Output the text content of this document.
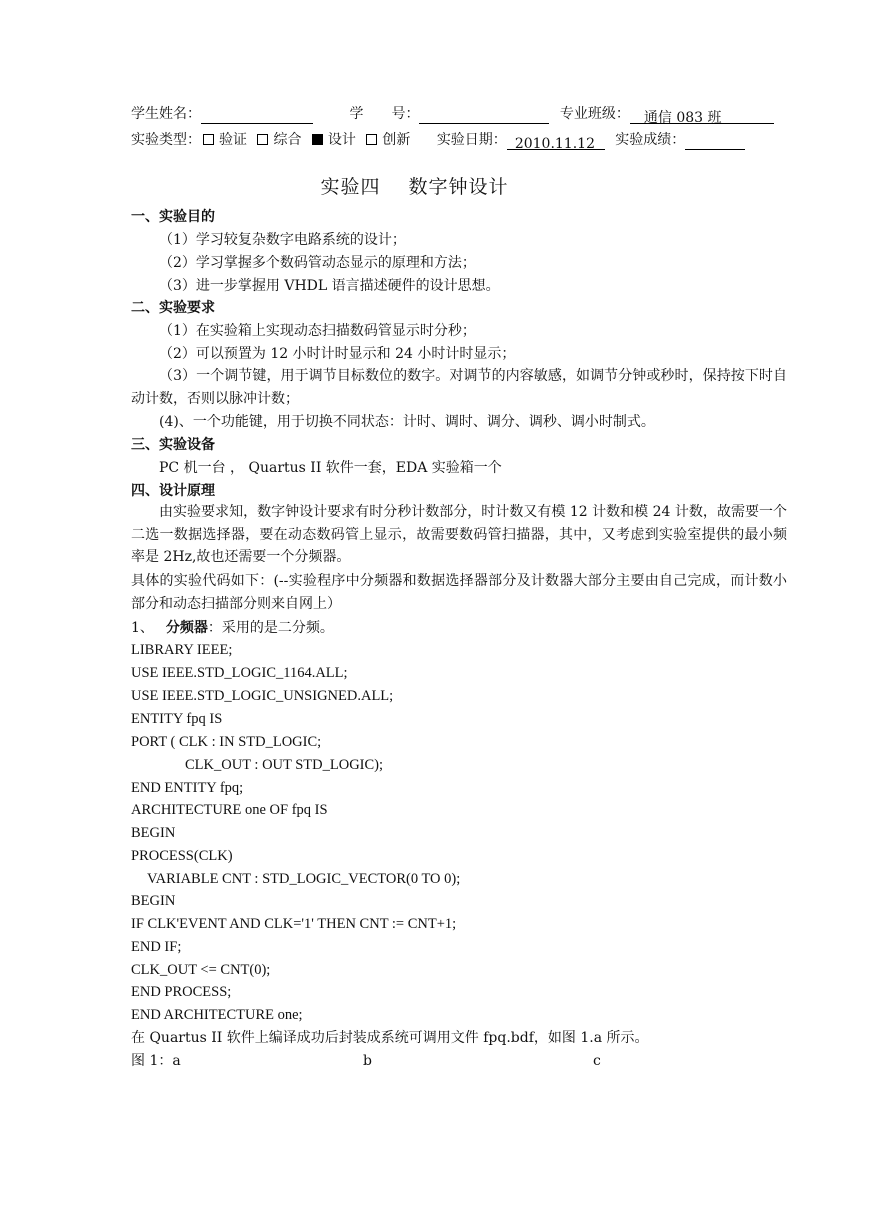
学生姓名：	学　　号：	专业班级： 通信 083 班
实验类型： 验证 综合 设计 创新 实验日期： 2010.11.12 实验成绩：
实验四 数字钟设计
一、实验目的
（1）学习较复杂数字电路系统的设计；
（2）学习掌握多个数码管动态显示的原理和方法；
（3）进一步掌握用 VHDL 语言描述硬件的设计思想。
二、实验要求
（1）在实验箱上实现动态扫描数码管显示时分秒；
（2）可以预置为 12 小时计时显示和 24 小时计时显示；
（3）一个调节键，用于调节目标数位的数字。对调节的内容敏感，如调节分钟或秒时，保持按下时自动计数，否则以脉冲计数；
(4)、一个功能键，用于切换不同状态：计时、调时、调分、调秒、调小时制式。
三、实验设备
PC 机一台 ， Quartus II 软件一套，EDA 实验箱一个
四、设计原理
由实验要求知，数字钟设计要求有时分秒计数部分，时计数又有模 12 计数和模 24 计数，故需要一个二选一数据选择器，要在动态数码管上显示，故需要数码管扫描器，其中，又考虑到实验室提供的最小频率是 2Hz,故也还需要一个分频器。
具体的实验代码如下：(--实验程序中分频器和数据选择器部分及计数器大部分主要由自己完成，而计数小部分和动态扫描部分则来自网上）
1、 分频器：采用的是二分频。
LIBRARY IEEE;
USE IEEE.STD_LOGIC_1164.ALL;
USE IEEE.STD_LOGIC_UNSIGNED.ALL;
ENTITY fpq IS
PORT ( CLK : IN STD_LOGIC;
CLK_OUT : OUT STD_LOGIC);
END ENTITY fpq;
ARCHITECTURE one OF fpq IS
BEGIN
PROCESS(CLK)
VARIABLE CNT : STD_LOGIC_VECTOR(0 TO 0);
BEGIN
IF CLK'EVENT AND CLK='1' THEN CNT := CNT+1;
END IF;
CLK_OUT <= CNT(0);
END PROCESS;
END ARCHITECTURE one;
在 Quartus II 软件上编译成功后封装成系统可调用文件 fpq.bdf，如图 1.a 所示。
图 1：a	b	c
